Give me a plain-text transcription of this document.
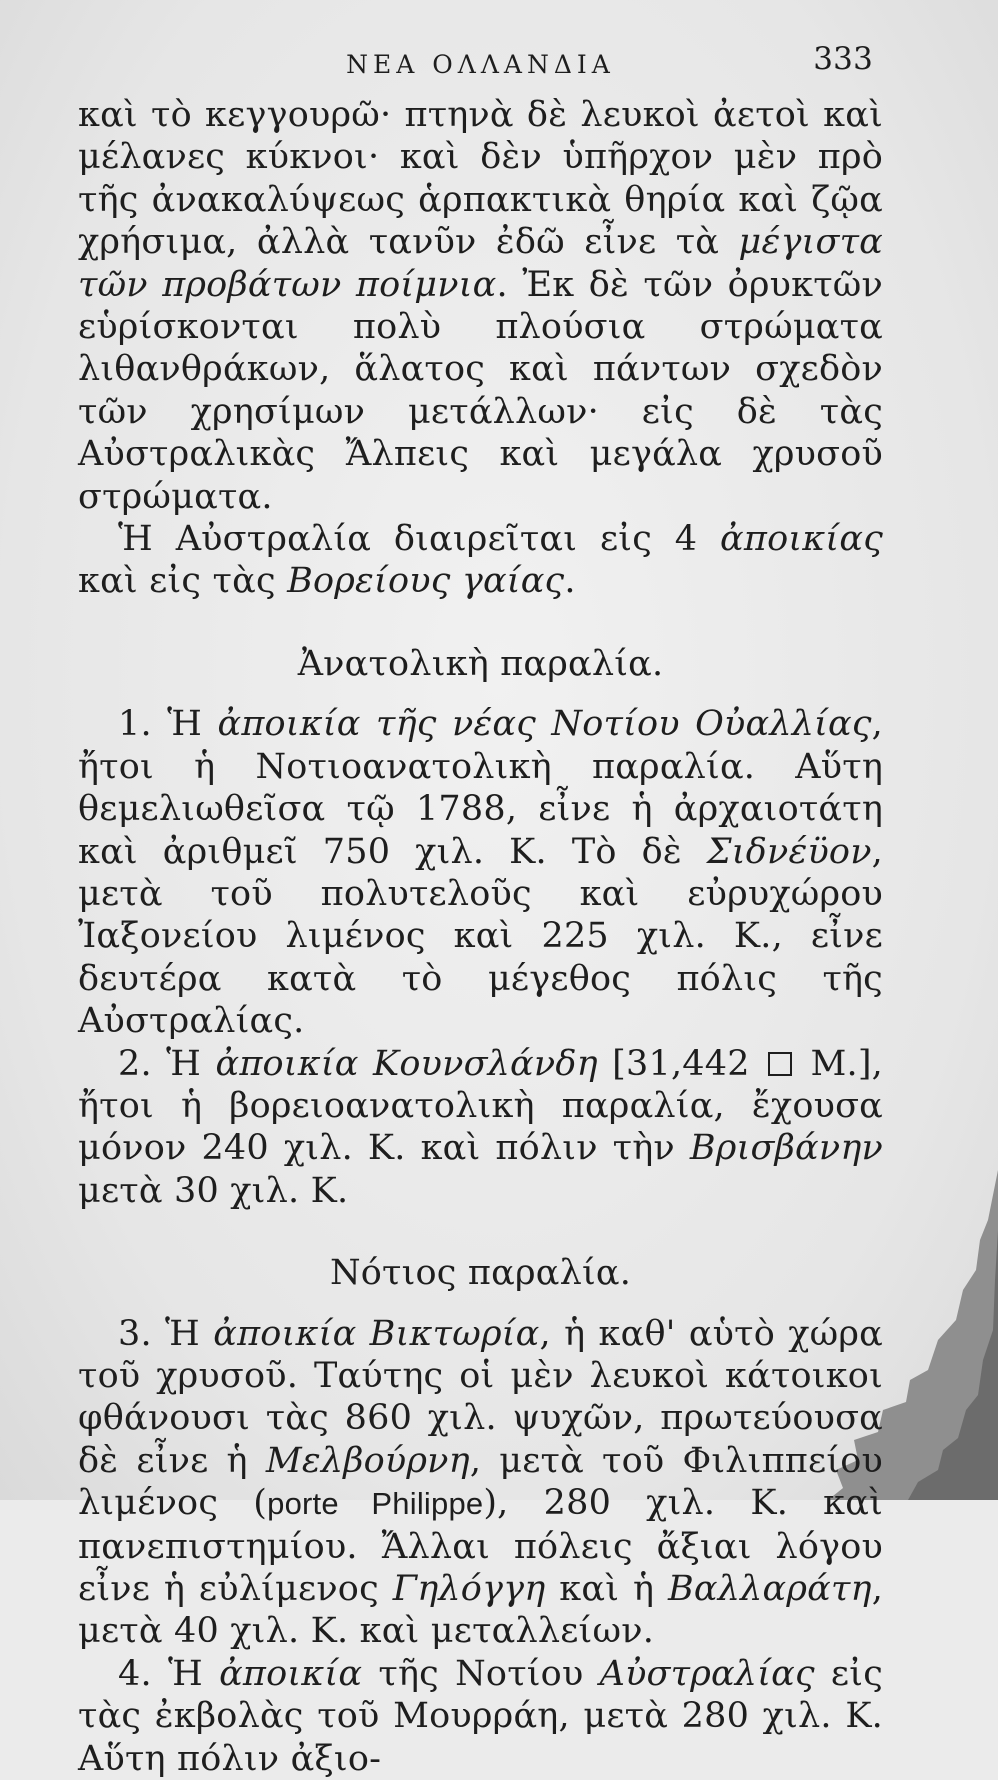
ΝΕΑ ΟΛΛΑΝΔΙΑ	333

καὶ τὸ κεγγουρῶ· πτηνὰ δὲ λευκοὶ ἀετοὶ καὶ μέλανες κύκνοι· καὶ δὲν ὑπῆρχον μὲν πρὸ τῆς ἀνακαλύψεως ἁρπακτικὰ θηρία καὶ ζῷα χρήσιμα, ἀλλὰ τανῦν ἐδῶ εἶνε τὰ μέγιστα τῶν προβάτων ποίμνια. Ἐκ δὲ τῶν ὀρυκτῶν εὑρίσκονται πολὺ πλούσια στρώματα λιθανθράκων, ἅλατος καὶ πάντων σχεδὸν τῶν χρησίμων μετάλλων· εἰς δὲ τὰς Αὐστραλικὰς Ἄλπεις καὶ μεγάλα χρυσοῦ στρώματα.

Ἡ Αὐστραλία διαιρεῖται εἰς 4 ἀποικίας καὶ εἰς τὰς Βορείους γαίας.

Ἀνατολικὴ παραλία.

1. Ἡ ἀποικία τῆς νέας Νοτίου Οὐαλλίας, ἤτοι ἡ Νοτιοανατολικὴ παραλία. Αὕτη θεμελιωθεῖσα τῷ 1788, εἶνε ἡ ἀρχαιοτάτη καὶ ἀριθμεῖ 750 χιλ. Κ. Τὸ δὲ Σιδνέϋον, μετὰ τοῦ πολυτελοῦς καὶ εὐρυχώρου Ἰαξονείου λιμένος καὶ 225 χιλ. Κ., εἶνε δευτέρα κατὰ τὸ μέγεθος πόλις τῆς Αὐστραλίας.

2. Ἡ ἀποικία Κουνσλάνδη [31,442  Μ.], ἤτοι ἡ βορειοανατολικὴ παραλία, ἔχουσα μόνον 240 χιλ. Κ. καὶ πόλιν τὴν Βρισβάνην μετὰ 30 χιλ. Κ.

Νότιος παραλία.

3. Ἡ ἀποικία Βικτωρία, ἡ καθ' αὑτὸ χώρα τοῦ χρυσοῦ. Ταύτης οἱ μὲν λευκοὶ κάτοικοι φθάνουσι τὰς 860 χιλ. ψυχῶν, πρωτεύουσα δὲ εἶνε ἡ Μελβούρνη, μετὰ τοῦ Φιλιππείου λιμένος (porte Philippe), 280 χιλ. Κ. καὶ πανεπιστημίου. Ἄλλαι πόλεις ἄξιαι λόγου εἶνε ἡ εὐλίμενος Γηλόγγη καὶ ἡ Βαλλαράτη, μετὰ 40 χιλ. Κ. καὶ μεταλλείων.

4. Ἡ ἀποικία τῆς Νοτίου Αὐστραλίας εἰς τὰς ἐκβολὰς τοῦ Μουρράη, μετὰ 280 χιλ. Κ. Αὕτη πόλιν ἀξιο-
